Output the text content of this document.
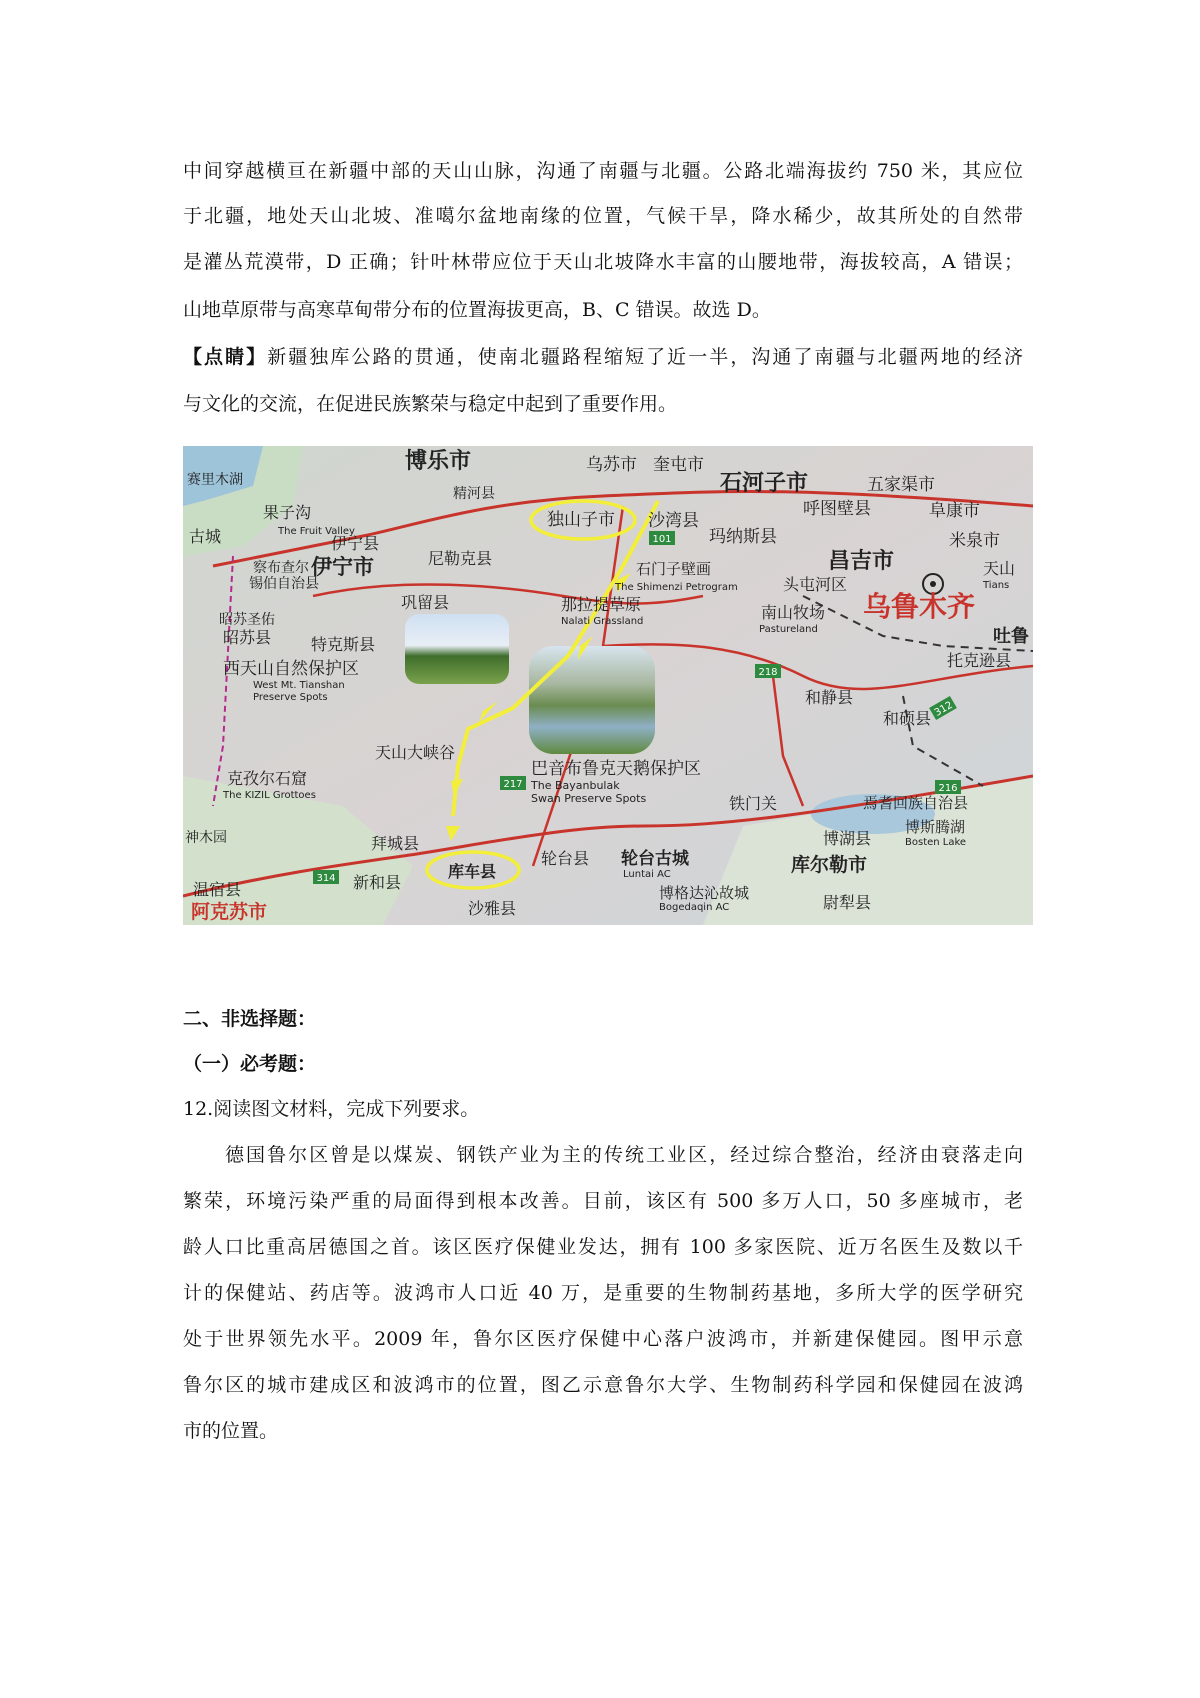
中间穿越横亘在新疆中部的天山山脉，沟通了南疆与北疆。公路北端海拔约 750 米，其应位
于北疆，地处天山北坡、准噶尔盆地南缘的位置，气候干旱，降水稀少，故其所处的自然带
是灌丛荒漠带，D 正确；针叶林带应位于天山北坡降水丰富的山腰地带，海拔较高，A 错误；
山地草原带与高寒草甸带分布的位置海拔更高，B、C 错误。故选 D。
【点睛】新疆独库公路的贯通，使南北疆路程缩短了近一半，沟通了南疆与北疆两地的经济
与文化的交流，在促进民族繁荣与稳定中起到了重要作用。
101
217
218
312
314
216
博乐市	乌苏市 奎屯市
石河子市	五家渠市
独山子市 沙湾县
呼图壁县	阜康市
玛纳斯县
昌吉市
米泉市
精河县
果子沟
The Fruit Valley
伊宁县
伊宁市	尼勒克县
石门子壁画
The Shimenzi Petrogram	头屯河区
乌鲁木齐
南山牧场
Pastureland
那拉提草原
Nalati Grassland
察布查尔
锡伯自治县
巩留县
昭苏县 特克斯县
昭苏圣佑
西天山自然保护区
West Mt. Tianshan
Preserve Spots	和静县
和硕县
托克逊县
吐鲁
天山大峡谷
巴音布鲁克天鹅保护区
The Bayanbulak
Swan Preserve Spots	铁门关	焉耆回族自治县
博斯腾湖
Bosten Lake
博湖县
克孜尔石窟
The KIZIL Grottoes
拜城县
库车县
轮台县 轮台古城
Luntai AC	库尔勒市
温宿县	新和县
沙雅县
阿克苏市
博格达沁故城
Bogedaqin AC	尉犁县
神木园
天山
Tians
古城
赛里木湖
二、非选择题：
（一）必考题：
12.阅读图文材料，完成下列要求。
德国鲁尔区曾是以煤炭、钢铁产业为主的传统工业区，经过综合整治，经济由衰落走向
繁荣，环境污染严重的局面得到根本改善。目前，该区有 500 多万人口，50 多座城市，老
龄人口比重高居德国之首。该区医疗保健业发达，拥有 100 多家医院、近万名医生及数以千
计的保健站、药店等。波鸿市人口近 40 万，是重要的生物制药基地，多所大学的医学研究
处于世界领先水平。2009 年，鲁尔区医疗保健中心落户波鸿市，并新建保健园。图甲示意
鲁尔区的城市建成区和波鸿市的位置，图乙示意鲁尔大学、生物制药科学园和保健园在波鸿
市的位置。
